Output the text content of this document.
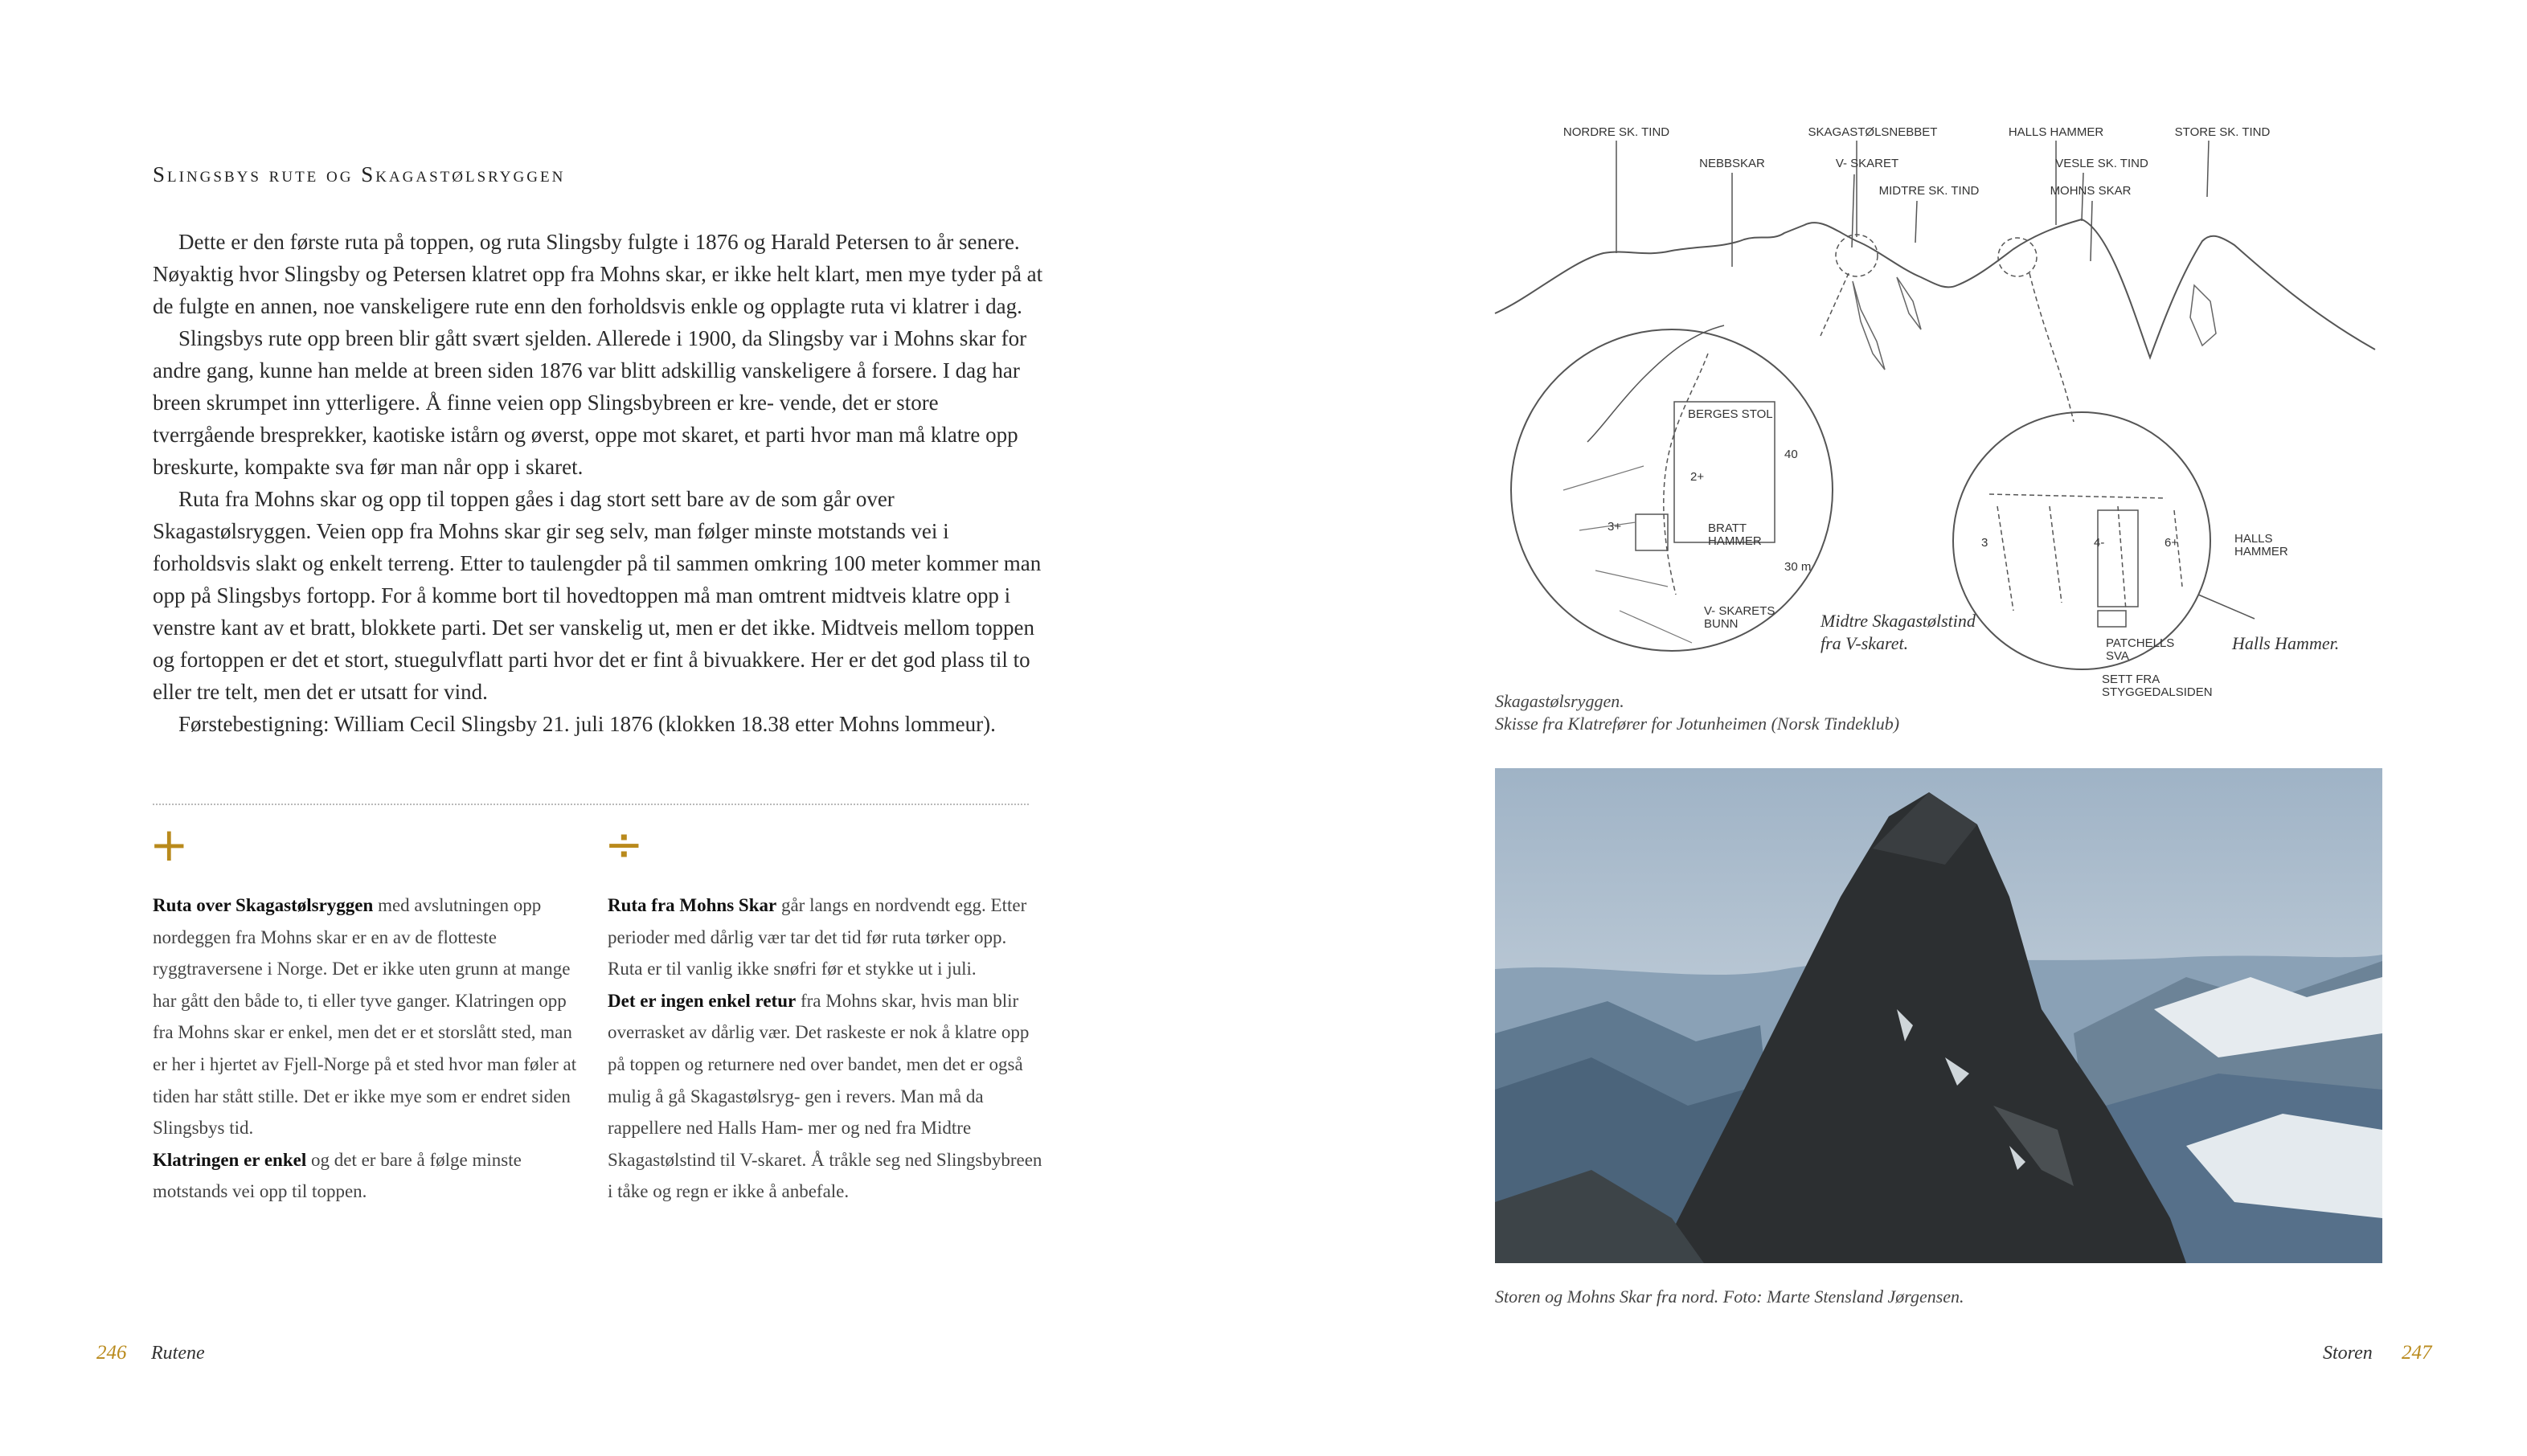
Slingsbys rute og Skagastølsryggen

Dette er den første ruta på toppen, og ruta Slingsby fulgte i 1876 og Harald Petersen to år senere. Nøyaktig hvor Slingsby og Petersen klatret opp fra Mohns skar, er ikke helt klart, men mye tyder på at de fulgte en annen, noe vanskeligere rute enn den forholdsvis enkle og opplagte ruta vi klatrer i dag.

Slingsbys rute opp breen blir gått svært sjelden. Allerede i 1900, da Slingsby var i Mohns skar for andre gang, kunne han melde at breen siden 1876 var blitt adskillig vanskeligere å forsere. I dag har breen skrumpet inn ytterligere. Å finne veien opp Slingsbybreen er kre- vende, det er store tverrgående bresprekker, kaotiske istårn og øverst, oppe mot skaret, et parti hvor man må klatre opp breskurte, kompakte sva før man når opp i skaret.

Ruta fra Mohns skar og opp til toppen gåes i dag stort sett bare av de som går over Skagastølsryggen. Veien opp fra Mohns skar gir seg selv, man følger minste motstands vei i forholdsvis slakt og enkelt terreng. Etter to taulengder på til sammen omkring 100 meter kommer man opp på Slingsbys fortopp. For å komme bort til hovedtoppen må man omtrent midtveis klatre opp i venstre kant av et bratt, blokkete parti. Det ser vanskelig ut, men er det ikke. Midtveis mellom toppen og fortoppen er det et stort, stuegulvflatt parti hvor det er fint å bivuakkere. Her er det god plass til to eller tre telt, men det er utsatt for vind.

Førstebestigning: William Cecil Slingsby 21. juli 1876 (klokken 18.38 etter Mohns lommeur).

+	÷

Ruta over Skagastølsryggen med avslutningen opp nordeggen fra Mohns skar er en av de flotteste ryggtraversene i Norge. Det er ikke uten grunn at mange har gått den både to, ti eller tyve ganger. Klatringen opp fra Mohns skar er enkel, men det er et storslått sted, man er her i hjertet av Fjell-Norge på et sted hvor man føler at tiden har stått stille. Det er ikke mye som er endret siden Slingsbys tid.

Klatringen er enkel og det er bare å følge minste motstands vei opp til toppen.

Ruta fra Mohns Skar går langs en nordvendt egg. Etter perioder med dårlig vær tar det tid før ruta tørker opp. Ruta er til vanlig ikke snøfri før et stykke ut i juli.

Det er ingen enkel retur fra Mohns skar, hvis man blir overrasket av dårlig vær. Det raskeste er nok å klatre opp på toppen og returnere ned over bandet, men det er også mulig å gå Skagastølsryg- gen i revers. Man må da rappellere ned Halls Ham- mer og ned fra Midtre Skagastølstind til V-skaret. Å tråkle seg ned Slingsbybreen i tåke og regn er ikke å anbefale.

246 Rutene
NORDRE SK. TIND
NEBBSKAR
SKAGASTØLSNEBBET
V- SKARET
MIDTRE SK. TIND
HALLS HAMMER
VESLE SK. TIND
MOHNS SKAR
STORE SK. TIND
BERGES STOL
2+
3+	BRATT
HAMMER
40
30 m
V- SKARETS
BUNN
3	4-	6+	HALLS
HAMMER
PATCHELLS
SVA
SETT FRA
STYGGEDALSIDEN
Midtre Skagastølstind
fra V-skaret.	Halls Hammer.
Skagastølsryggen.
Skisse fra Klatrefører for Jotunheimen (Norsk Tindeklub)
Storen og Mohns Skar fra nord. Foto: Marte Stensland Jørgensen.
Storen 247
